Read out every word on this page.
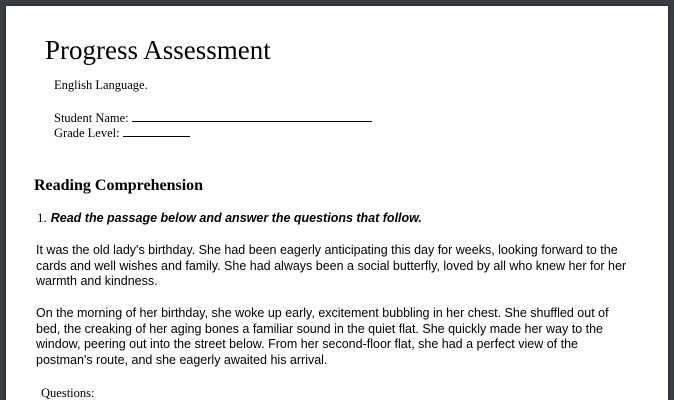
Progress Assessment
English Language.
Student Name:
Grade Level:
Reading Comprehension
1. Read the passage below and answer the questions that follow.

It was the old lady's birthday. She had been eagerly anticipating this day for weeks, looking forward to the cards and well wishes and family. She had always been a social butterfly, loved by all who knew her for her warmth and kindness.

On the morning of her birthday, she woke up early, excitement bubbling in her chest. She shuffled out of bed, the creaking of her aging bones a familiar sound in the quiet flat. She quickly made her way to the window, peering out into the street below. From her second-floor flat, she had a perfect view of the postman's route, and she eagerly awaited his arrival.

Questions:
